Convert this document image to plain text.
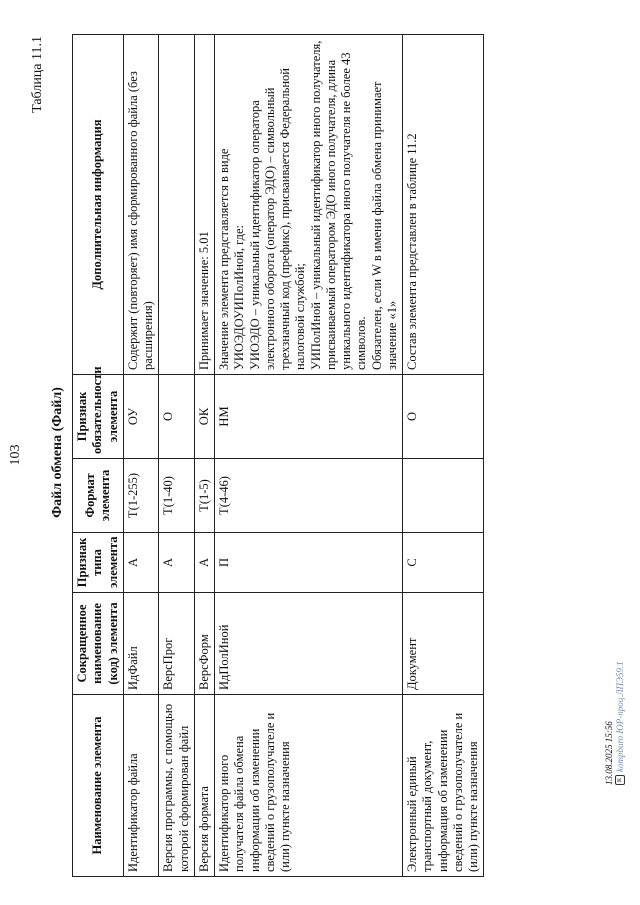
103
Таблица 11.1
Файл обмена (Файл)
Наименование элемента	Сокращенное наименование (код) элемента	Признак типа элемента	Формат элемента	Признак обязательности элемента	Дополнительная информация
Идентификатор файла	ИдФайл	А	T(1-255)	ОУ	Содержит (повторяет) имя сформированного файла (без расширения)
Версия программы, с помощью которой сформирован файл	ВерсПрог	А	T(1-40)	О	
Версия формата	ВерсФорм	А	T(1-5)	ОК	Принимает значение: 5.01
Идентификатор иного получателя файла обмена информации об изменении сведений о грузополучателе и (или) пункте назначения	ИдПолИной	П	T(4-46)	НМ	Значение элемента представляется в виде УИОЭДОУИПолИной, где:
УИОЭДО – уникальный идентификатор оператора электронного оборота (оператор ЭДО) – символьный трехзначный код (префикс), присваивается Федеральной налоговой службой;
УИПолИной – уникальный идентификатор иного получателя, присваиваемый оператором ЭДО иного получателя, длина уникального идентификатора иного получателя не более 43 символов.
Обязателен, если W в имени файла обмена принимает значение «1»
Электронный единый транспортный документ, информация об изменении сведений о грузополучателе и (или) пункте назначения	Документ	С		О	Состав элемента представлен в таблице 11.2
13.08.2025 15:56 К
kompburo ЮР-проц.ЛПЭ59.1
